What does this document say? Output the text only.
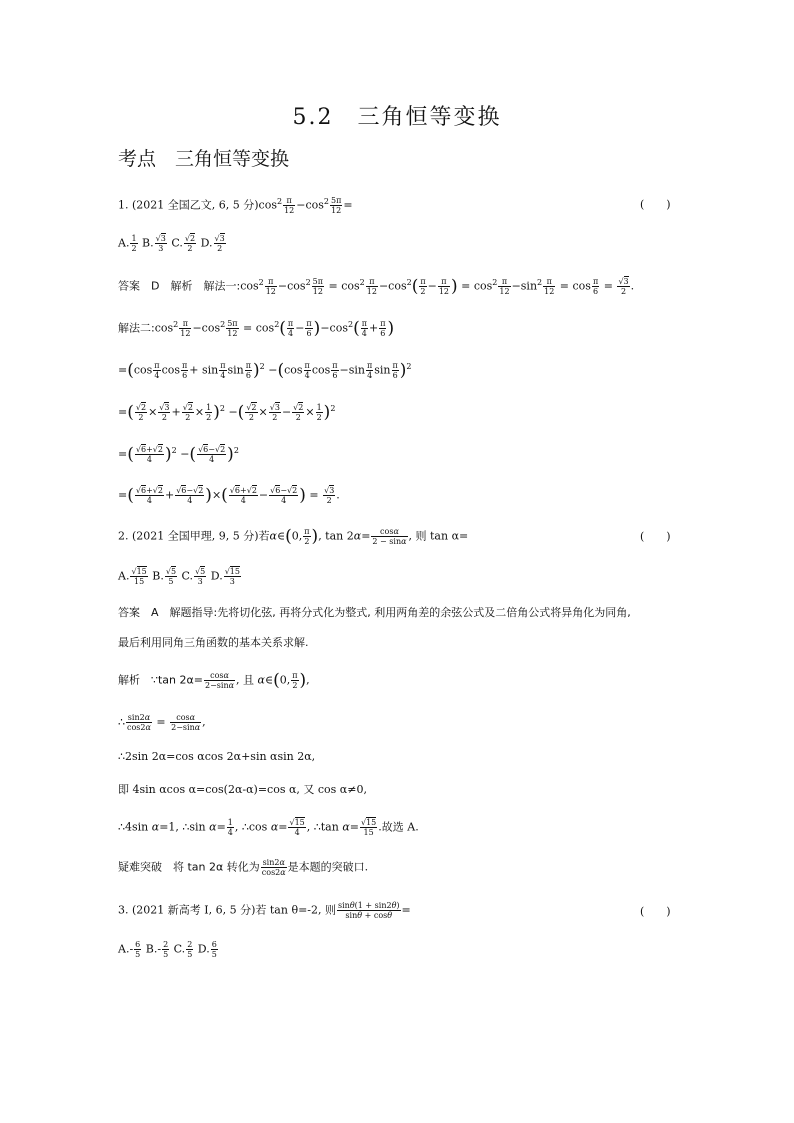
5.2　三角恒等变换
考点　三角恒等变换
1. (2021 全国乙文, 6, 5 分)$\cos^2 \frac{\pi}{12} -\cos^2 \frac{5\pi}{12}$ =	(　　)
A. $\frac{1}{2} B$. $\frac{√3}{3} C$. $\frac{√2}{2} D$. $\frac{√3}{2}$
答案　D　解析　解法一$:\cos^2 \frac{\pi}{12} -\cos^2 \frac{5\pi}{12} = \cos^2 \frac{\pi}{12} -\cos^2( \frac{\pi}{2} - \frac{\pi}{12}$ ) = $\cos^2 \frac{\pi}{12} -\sin^2 \frac{\pi}{12} = \cos \frac{\pi}{6} = \frac{√3}{2}$ .
解法二$:\cos^2 \frac{\pi}{12} -\cos^2 \frac{5\pi}{12} = \cos^2( \frac{\pi}{4} - \frac{\pi}{6} )-\cos^2( \frac{\pi}{4} + \frac{\pi}{6}$ )
$=(\cos \frac{\pi}{4}$ $\cos \frac{\pi}{6} + \sin \frac{\pi}{4}$ $\sin \frac{\pi}{6} )^2 -(\cos \frac{\pi}{4}$ $\cos \frac{\pi}{6} -\sin \frac{\pi}{4}$ $\sin \frac{\pi}{6} )^2$
=( $\frac{√2}{2} \times \frac{√3}{2} + \frac{√2}{2} \times \frac{1}{2} )^2$ −( $\frac{√2}{2} \times \frac{√3}{2} - \frac{√2}{2} \times \frac{1}{2} )^2$
=( $\frac{√6+√2}{4} )^2$ −( $\frac{√6-√2}{4} )^2$
=( $\frac{√6+√2}{4} + \frac{√6-√2}{4}$ )×( $\frac{√6+√2}{4} - \frac{√6-√2}{4}$ ) = $\frac{√3}{2}$ .
2. (2021 全国甲理, 9, 5 分)若α∈(0, $\frac{\pi}{2}$ ), $\tan 2\alpha= \frac{\cos\alpha}{2 - \sin\alpha}$ , 则 tan α=	(　　)
A. $\frac{√15}{15} B$. $\frac{√5}{5} C$. $\frac{√5}{3} D$. $\frac{√15}{3}$
答案　A　解题指导:先将切化弦, 再将分式化为整式, 利用两角差的余弦公式及二倍角公式将异角化为同角,
最后利用同角三角函数的基本关系求解.
解析　∵tan $2\alpha= \frac{\cos\alpha}{2-\sin\alpha}$ , 且 α∈(0, $\frac{\pi}{2}$ ),
∴ $\frac{\sin 2\alpha}{\cos 2\alpha} = \frac{\cos\alpha}{2-\sin\alpha}$ ,
∴2sin 2α=cos αcos 2α+sin αsin 2α,
即 4sin αcos α=cos(2α-α)=cos α, 又 cos α≠0,
∴4sin α=1, ∴sin $\alpha= \frac{1}{4}$ , ∴cos $\alpha= \frac{√15}{4}$ , ∴tan $\alpha= \frac{√15}{15}$ .故选 A.
疑难突破　将 tan 2α 转化为 $\frac{\sin 2\alpha}{\cos 2\alpha}$ 是本题的突破口.
3. (2021 新高考 Ⅰ, 6, 5 分)若 tan θ=-2, 则 $\frac{\sin\theta(1 + \sin 2\theta)}{\sin\theta + \cos\theta}$ =	(　　)
$A.- \frac{6}{5} B.- \frac{2}{5} C$. $\frac{2}{5} D$. $\frac{6}{5}$
